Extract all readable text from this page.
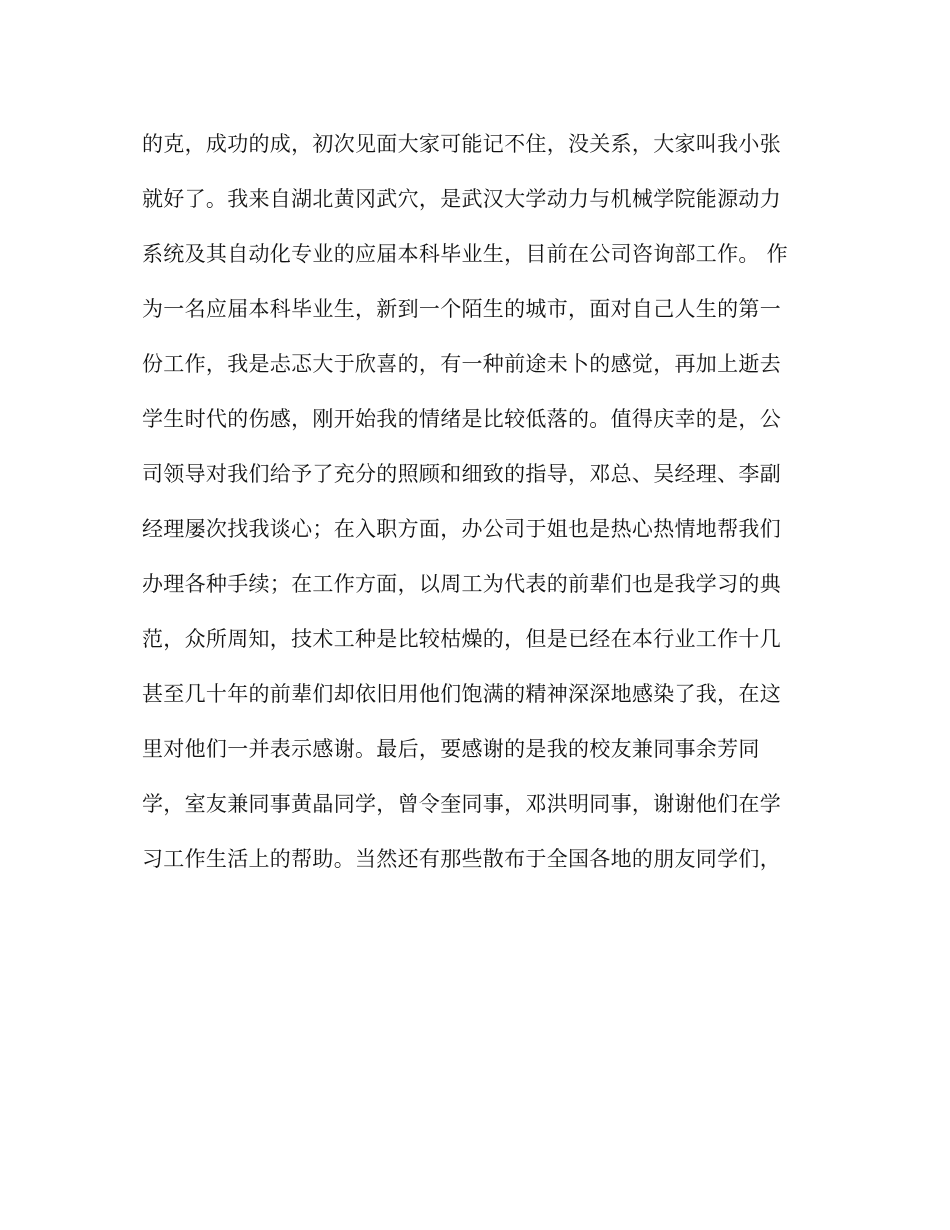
的克，成功的成，初次见面大家可能记不住，没关系，大家叫我小张
就好了。我来自湖北黄冈武穴，是武汉大学动力与机械学院能源动力
系统及其自动化专业的应届本科毕业生，目前在公司咨询部工作。 作
为一名应届本科毕业生，新到一个陌生的城市，面对自己人生的第一
份工作，我是忐忑大于欣喜的，有一种前途未卜的感觉，再加上逝去
学生时代的伤感，刚开始我的情绪是比较低落的。值得庆幸的是，公
司领导对我们给予了充分的照顾和细致的指导，邓总、吴经理、李副
经理屡次找我谈心；在入职方面，办公司于姐也是热心热情地帮我们
办理各种手续；在工作方面，以周工为代表的前辈们也是我学习的典
范，众所周知，技术工种是比较枯燥的，但是已经在本行业工作十几
甚至几十年的前辈们却依旧用他们饱满的精神深深地感染了我，在这
里对他们一并表示感谢。最后，要感谢的是我的校友兼同事余芳同
学，室友兼同事黄晶同学，曾令奎同事，邓洪明同事，谢谢他们在学
习工作生活上的帮助。当然还有那些散布于全国各地的朋友同学们，
